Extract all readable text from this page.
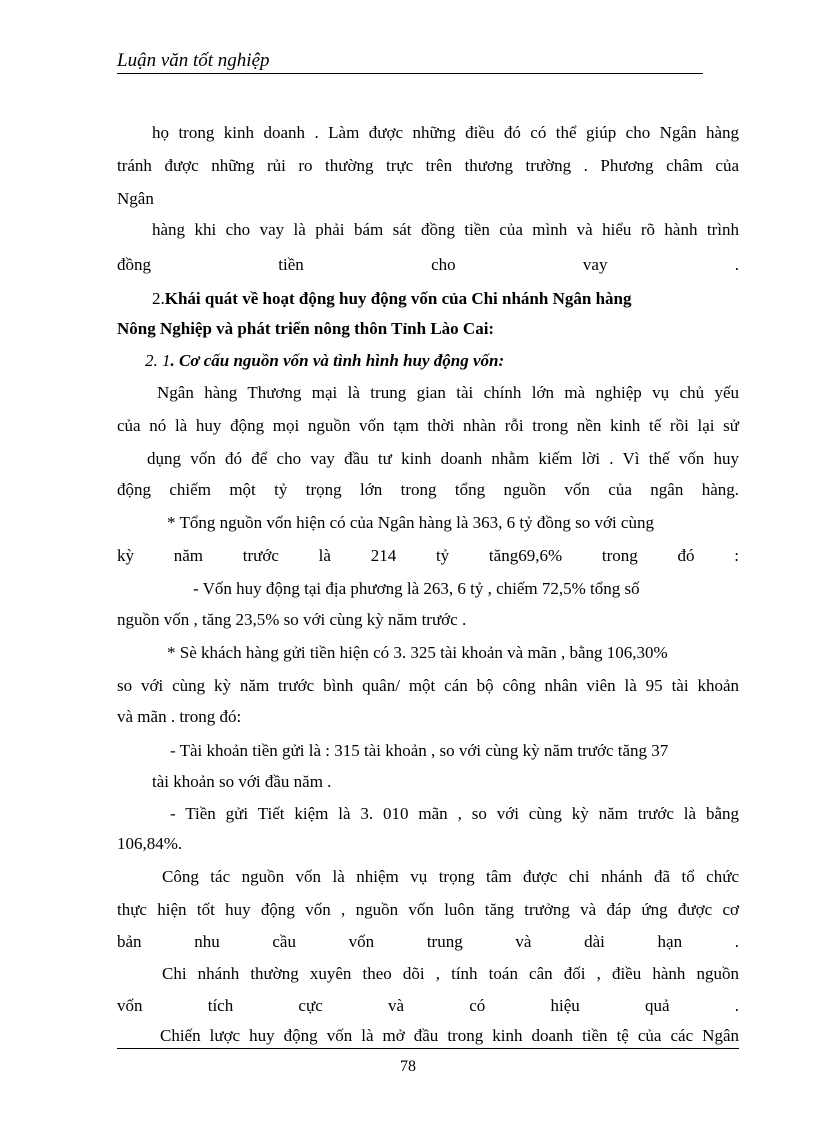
Luận văn tốt nghiệp
họ trong kinh doanh . Làm được những điều đó có thể giúp cho Ngân hàng
tránh được những rủi ro thường trực trên thương trường . Phương châm của
Ngân
hàng khi cho vay là phải bám sát đồng tiền của mình và hiểu rõ hành trình
đồng tiền cho vay .
2.Khái quát về hoạt động huy động vốn của Chi nhánh Ngân hàng
Nông Nghiệp và phát triển nông thôn Tỉnh Lào Cai:
2. 1. Cơ cấu nguồn vốn và tình hình huy động vốn:
Ngân hàng Thương mại là trung gian tài chính lớn mà nghiệp vụ chủ yếu
của nó là huy động mọi nguồn vốn tạm thời nhàn rỗi trong nền kinh tế rồi lại sử
dụng vốn đó để cho vay đầu tư kinh doanh nhằm kiếm lời . Vì thế vốn huy
động chiếm một tỷ trọng lớn trong tổng nguồn vốn của ngân hàng.
* Tổng nguồn vốn hiện có của Ngân hàng là 363, 6 tỷ đồng so với cùng
kỳ năm trước là 214 tỷ tăng69,6% trong đó :
- Vốn huy động tại địa phương là 263, 6 tỷ , chiếm 72,5% tổng số
nguồn vốn , tăng 23,5% so với cùng kỳ năm trước .
* Sè khách hàng gửi tiền hiện có 3. 325 tài khoản và mãn , bằng 106,30%
so với cùng kỳ năm trước bình quân/ một cán bộ công nhân viên là 95 tài khoản
và mãn . trong đó:
- Tài khoản tiền gửi là : 315 tài khoản , so với cùng kỳ năm trước tăng 37
tài khoản so với đầu năm .
- Tiền gửi Tiết kiệm là 3. 010 mãn , so với cùng kỳ năm trước là bằng
106,84%.
Công tác nguồn vốn là nhiệm vụ trọng tâm được chi nhánh đã tổ chức
thực hiện tốt huy động vốn , nguồn vốn luôn tăng trưởng và đáp ứng được cơ
bản nhu cầu vốn trung và dài hạn .
Chi nhánh thường xuyên theo dõi , tính toán cân đối , điều hành nguồn
vốn tích cực và có hiệu quả .
Chiến lược huy động vốn là mở đầu trong kinh doanh tiền tệ của các Ngân
78
